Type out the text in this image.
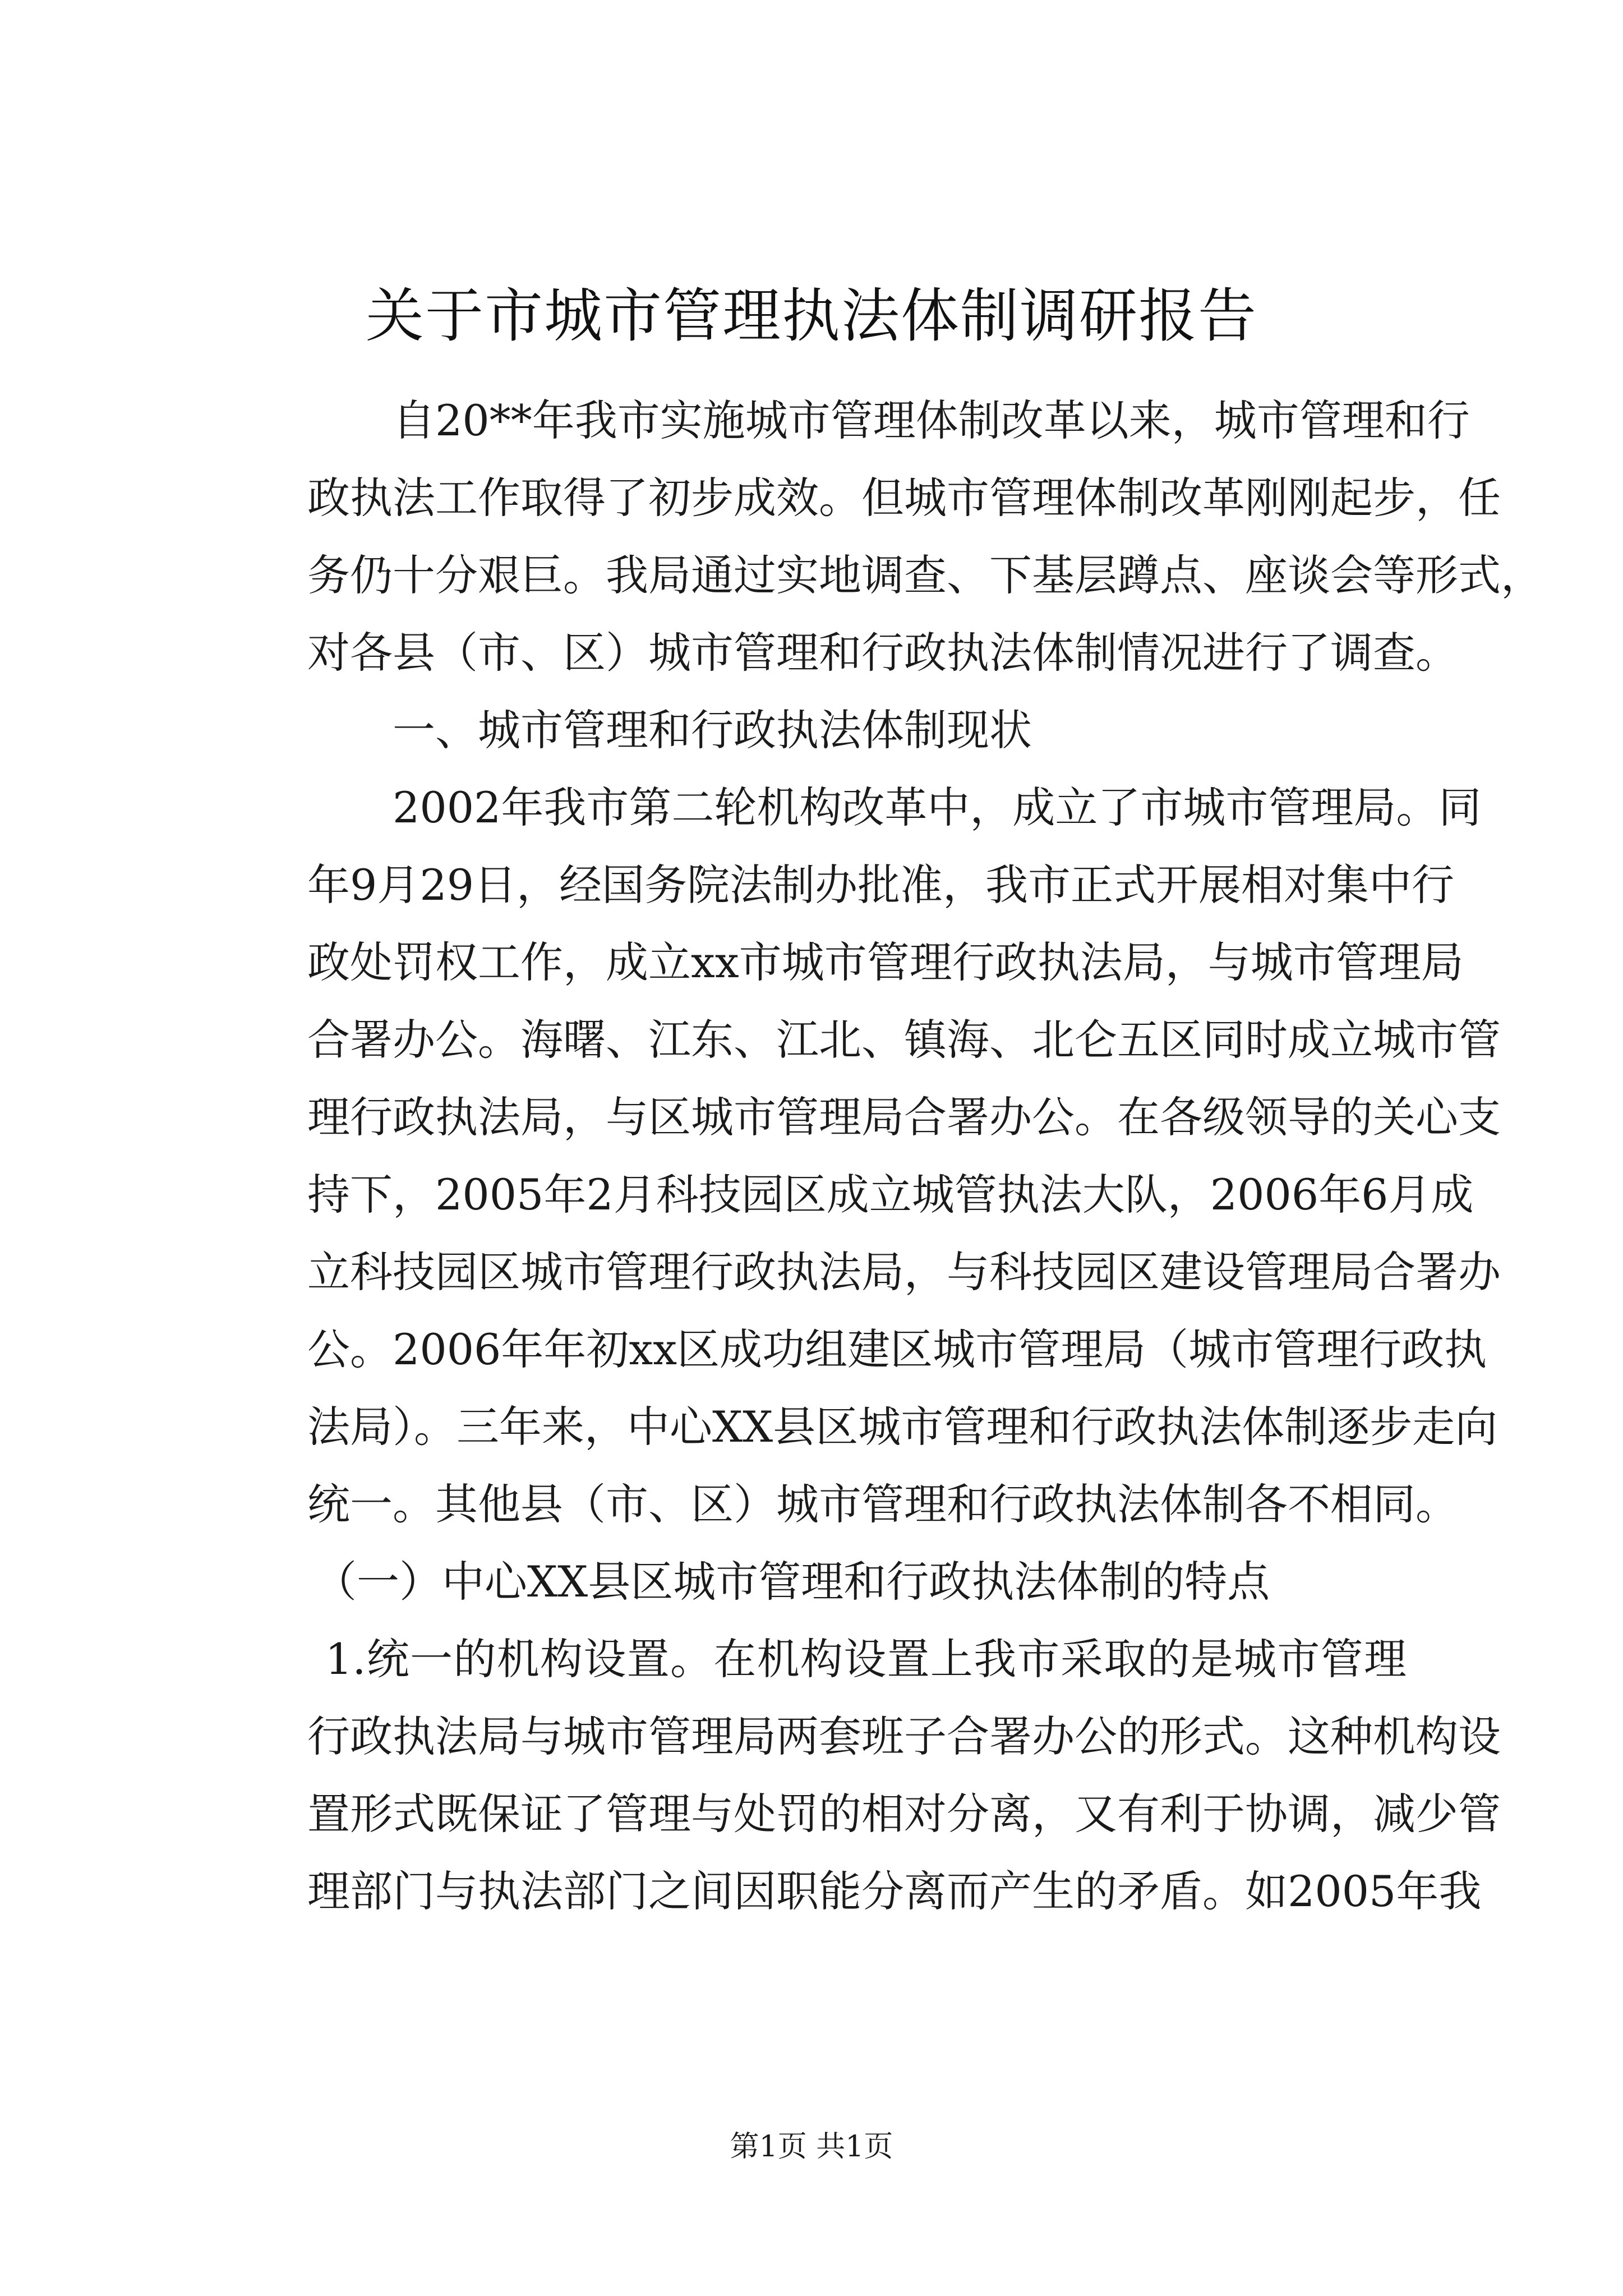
关于市城市管理执法体制调研报告

自20**年我市实施城市管理体制改革以来，城市管理和行

政执法工作取得了初步成效。但城市管理体制改革刚刚起步，任

务仍十分艰巨。我局通过实地调查、下基层蹲点、座谈会等形式，

对各县（市、区）城市管理和行政执法体制情况进行了调查。

一、城市管理和行政执法体制现状

2002年我市第二轮机构改革中，成立了市城市管理局。同

年9月29日，经国务院法制办批准，我市正式开展相对集中行

政处罚权工作，成立xx市城市管理行政执法局，与城市管理局

合署办公。海曙、江东、江北、镇海、北仑五区同时成立城市管

理行政执法局，与区城市管理局合署办公。在各级领导的关心支

持下，2005年2月科技园区成立城管执法大队，2006年6月成

立科技园区城市管理行政执法局，与科技园区建设管理局合署办

公。2006年年初xx区成功组建区城市管理局（城市管理行政执

法局）。三年来，中心XX县区城市管理和行政执法体制逐步走向

统一。其他县（市、区）城市管理和行政执法体制各不相同。

（一）中心XX县区城市管理和行政执法体制的特点

1.统一的机构设置。在机构设置上我市采取的是城市管理

行政执法局与城市管理局两套班子合署办公的形式。这种机构设

置形式既保证了管理与处罚的相对分离，又有利于协调，减少管

理部门与执法部门之间因职能分离而产生的矛盾。如2005年我

第1页 共1页
